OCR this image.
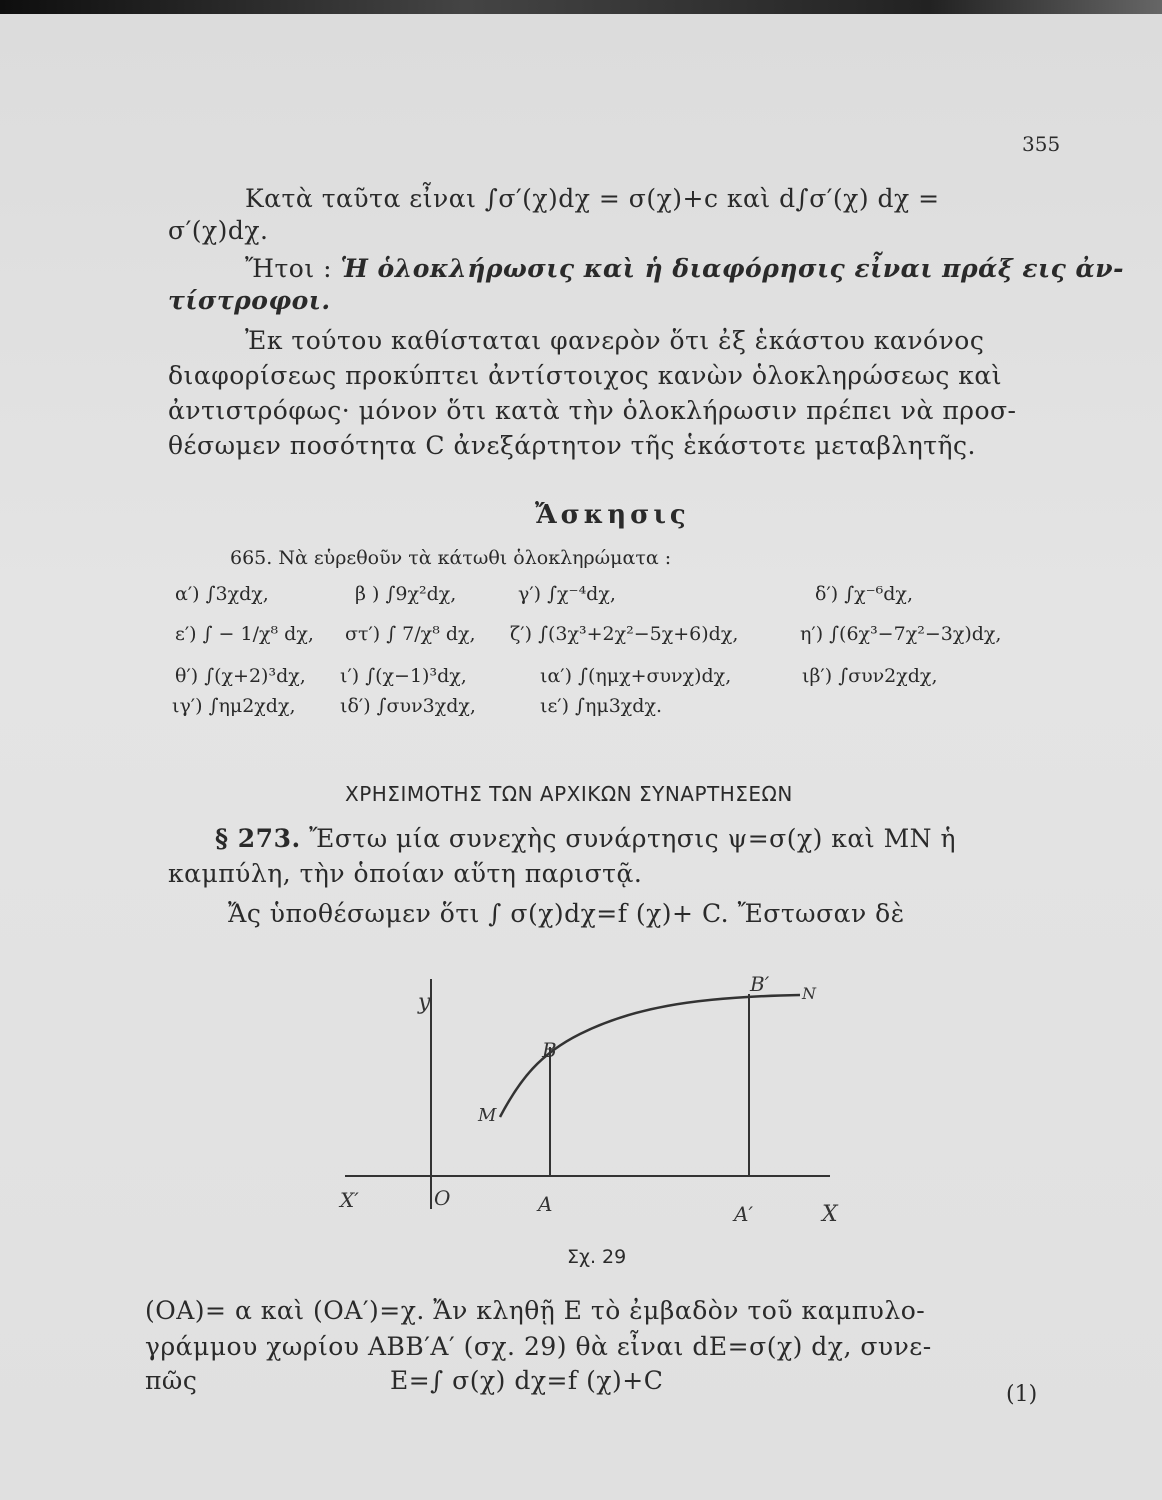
355
Κατὰ ταῦτα εἶναι ∫σ′(χ)dχ = σ(χ)+c καὶ d∫σ′(χ) dχ =
σ′(χ)dχ.
Ἤτοι : Ἡ ὁλοκλήρωσις καὶ ἡ διαφόρησις εἶναι πράξ εις ἀν-
τίστροφοι.
Ἐκ τούτου καθίσταται φανερὸν ὅτι ἐξ ἑκάστου κανόνος
διαφορίσεως προκύπτει ἀντίστοιχος κανὼν ὁλοκληρώσεως καὶ
ἀντιστρόφως· μόνον ὅτι κατὰ τὴν ὁλοκλήρωσιν πρέπει νὰ προσ-
θέσωμεν ποσότητα C ἀνεξάρτητον τῆς ἑκάστοτε μεταβλητῆς.
Ἄσκησις
665. Νὰ εὑρεθοῦν τὰ κάτωθι ὁλοκληρώματα :
α′) ∫3χdχ,	β ) ∫9χ²dχ,	γ′) ∫χ⁻⁴dχ,	δ′) ∫χ⁻⁶dχ,
ε′) ∫ − 1/χ⁸ dχ, στ′) ∫ 7/χ⁸ dχ, ζ′) ∫(3χ³+2χ²−5χ+6)dχ,	η′) ∫(6χ³−7χ²−3χ)dχ,
θ′) ∫(χ+2)³dχ, ι′) ∫(χ−1)³dχ,	ια′) ∫(ημχ+συνχ)dχ,	ιβ′) ∫συν2χdχ,
ιγ′) ∫ημ2χdχ, ιδ′) ∫συν3χdχ,	ιε′) ∫ημ3χdχ.
ΧΡΗΣΙΜΟΤΗΣ ΤΩΝ ΑΡΧΙΚΩΝ ΣΥΝΑΡΤΗΣΕΩΝ
§ 273. Ἔστω μία συνεχὴς συνάρτησις ψ=σ(χ) καὶ ΜΝ ἡ
καμπύλη, τὴν ὁποίαν αὕτη παριστᾷ.
Ἄς ὑποθέσωμεν ὅτι ∫ σ(χ)dχ=f (χ)+ C. Ἔστωσαν δὲ
y
X′	O	A	A′	X
B
B′
M
N
Σχ. 29
(OA)= α καὶ (OA′)=χ. Ἄν κληθῇ E τὸ ἐμβαδὸν τοῦ καμπυλο-
γράμμου χωρίου ABB′A′ (σχ. 29) θὰ εἶναι dE=σ(χ) dχ, συνε-
πῶς	E=∫ σ(χ) dχ=f (χ)+C	(1)
